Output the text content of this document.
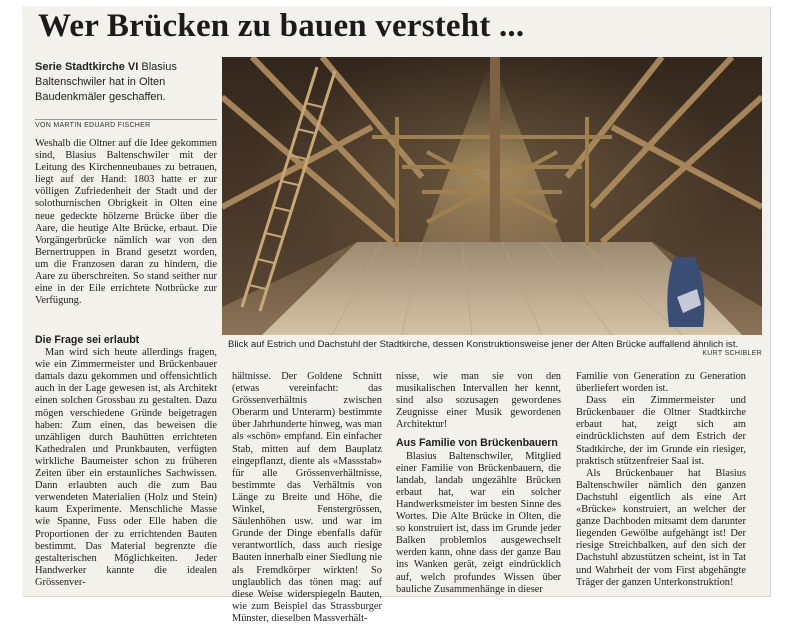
Wer Brücken zu bauen versteht ...
Serie Stadtkirche VI Blasius Baltenschwiler hat in Olten Baudenkmäler geschaffen.
VON MARTIN EDUARD FISCHER

Weshalb die Oltner auf die Idee gekommen sind, Blasius Baltenschwiler mit der Leitung des Kirchenneubaues zu betrauen, liegt auf der Hand: 1803 hatte er zur völligen Zufriedenheit der Stadt und der solothurnischen Obrigkeit in Olten eine neue gedeckte hölzerne Brücke über die Aare, die heutige Alte Brücke, erbaut. Die Vorgängerbrücke nämlich war von den Bernertruppen in Brand gesetzt worden, um die Franzosen daran zu hindern, die Aare zu überschreiten. So stand seither nur eine in der Eile errichtete Notbrücke zur Verfügung.

Die Frage sei erlaubt

Man wird sich heute allerdings fragen, wie ein Zimmermeister und Brückenbauer damals dazu gekommen und offensichtlich auch in der Lage gewesen ist, als Architekt einen solchen Grossbau zu gestalten. Dazu mögen verschiedene Gründe beigetragen haben: Zum einen, das beweisen die unzähligen durch Bauhütten errichteten Kathedralen und Prunkbauten, verfügten wirkliche Baumeister schon zu früheren Zeiten über ein erstaunliches Sachwissen. Dann erlaubten auch die zum Bau verwendeten Materialien (Holz und Stein) kaum Experimente. Menschliche Masse wie Spanne, Fuss oder Elle haben die Proportionen der zu errichtenden Bauten bestimmt. Das Material begrenzte die gestalterischen Möglichkeiten. Jeder Handwerker kannte die idealen Grössenver-

Blick auf Estrich und Dachstuhl der Stadtkirche, dessen Konstruktionsweise jener der Alten Brücke auffallend ähnlich ist.
KURT SCHIBLER

hältnisse. Der Goldene Schnitt (etwas vereinfacht: das Grössenverhältnis zwischen Oberarm und Unterarm) bestimmte über Jahrhunderte hinweg, was man als «schön» empfand. Ein einfacher Stab, mitten auf dem Bauplatz eingepflanzt, diente als «Massstab» für alle Grössenverhältnisse, bestimmte das Verhältnis von Länge zu Breite und Höhe, die Winkel, Fenstergrössen, Säulenhöhen usw. und war im Grunde der Dinge ebenfalls dafür verantwortlich, dass auch riesige Bauten innerhalb einer Siedlung nie als Fremdkörper wirkten! So unglaublich das tönen mag: auf diese Weise widerspiegeln Bauten, wie zum Beispiel das Strassburger Münster, dieselben Massverhält-

nisse, wie man sie von den musikalischen Intervallen her kennt, sind also sozusagen gewordenes Zeugnisse einer Musik gewordenen Architektur!

Aus Familie von Brückenbauern

Blasius Baltenschwiler, Mitglied einer Familie von Brückenbauern, die landab, landab ungezählte Brücken erbaut hat, war ein solcher Handwerksmeister im besten Sinne des Wortes. Die Alte Brücke in Olten, die so konstruiert ist, dass im Grunde jeder Balken problemlos ausgewechselt werden kann, ohne dass der ganze Bau ins Wanken gerät, zeigt eindrücklich auf, welch profundes Wissen über bauliche Zusammenhänge in dieser

Familie von Generation zu Generation überliefert worden ist.

Dass ein Zimmermeister und Brückenbauer die Oltner Stadtkirche erbaut hat, zeigt sich am eindrücklichsten auf dem Estrich der Stadtkirche, der im Grunde ein riesiger, praktisch stützenfreier Saal ist.

Als Brückenbauer hat Blasius Baltenschwiler nämlich den ganzen Dachstuhl eigentlich als eine Art «Brücke» konstruiert, an welcher der ganze Dachboden mitsamt dem darunter liegenden Gewölbe aufgehängt ist! Der riesige Streichbalken, auf den sich der Dachstuhl abzustützen scheint, ist in Tat und Wahrheit der vom First abgehängte Träger der ganzen Unterkonstruktion!
